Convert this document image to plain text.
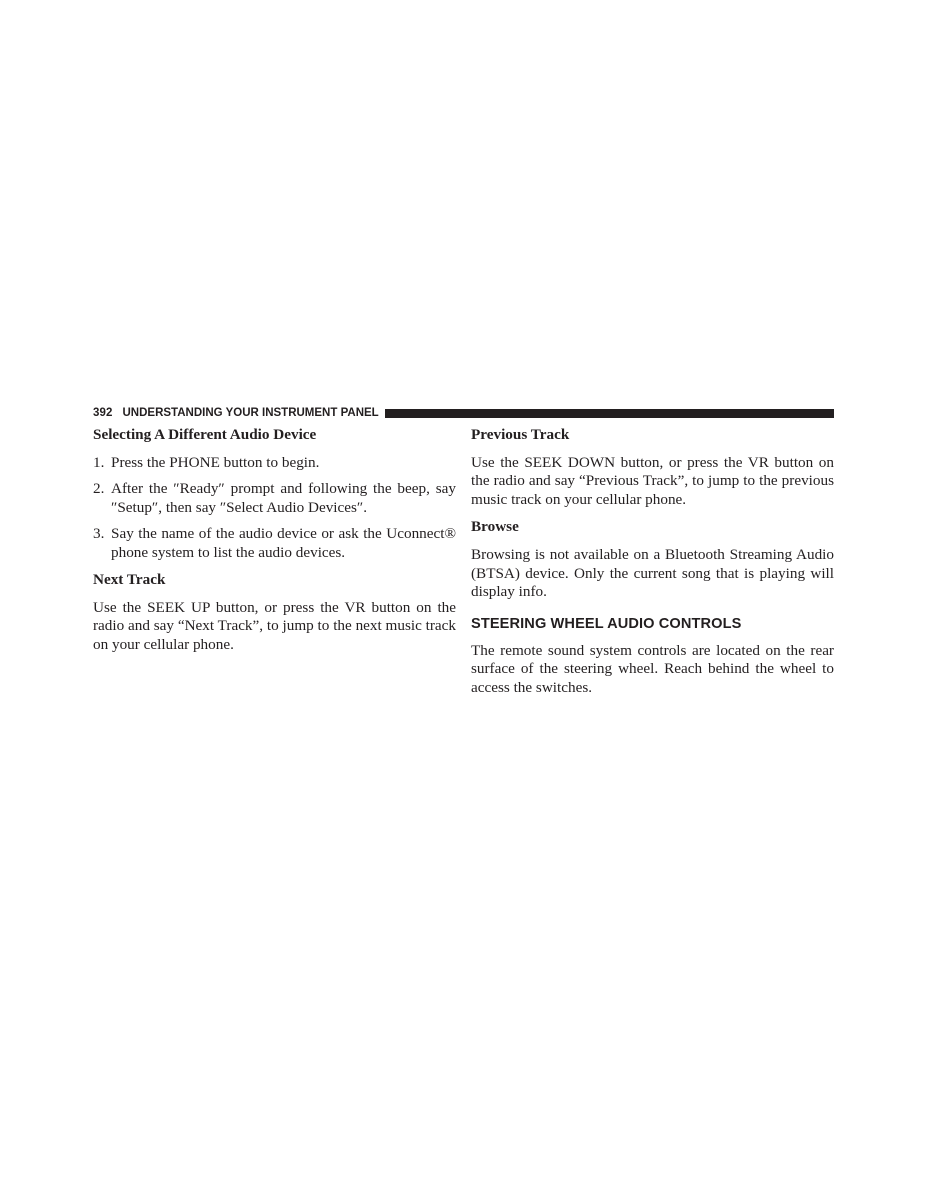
392 UNDERSTANDING YOUR INSTRUMENT PANEL
Selecting A Different Audio Device
1. Press the PHONE button to begin.
2. After the ″Ready″ prompt and following the beep, say ″Setup″, then say ″Select Audio Devices″.
3. Say the name of the audio device or ask the Uconnect® phone system to list the audio devices.
Next Track

Use the SEEK UP button, or press the VR button on the radio and say “Next Track”, to jump to the next music track on your cellular phone.

Previous Track

Use the SEEK DOWN button, or press the VR button on the radio and say “Previous Track”, to jump to the previous music track on your cellular phone.

Browse

Browsing is not available on a Bluetooth Streaming Audio (BTSA) device. Only the current song that is playing will display info.

STEERING WHEEL AUDIO CONTROLS

The remote sound system controls are located on the rear surface of the steering wheel. Reach behind the wheel to access the switches.
